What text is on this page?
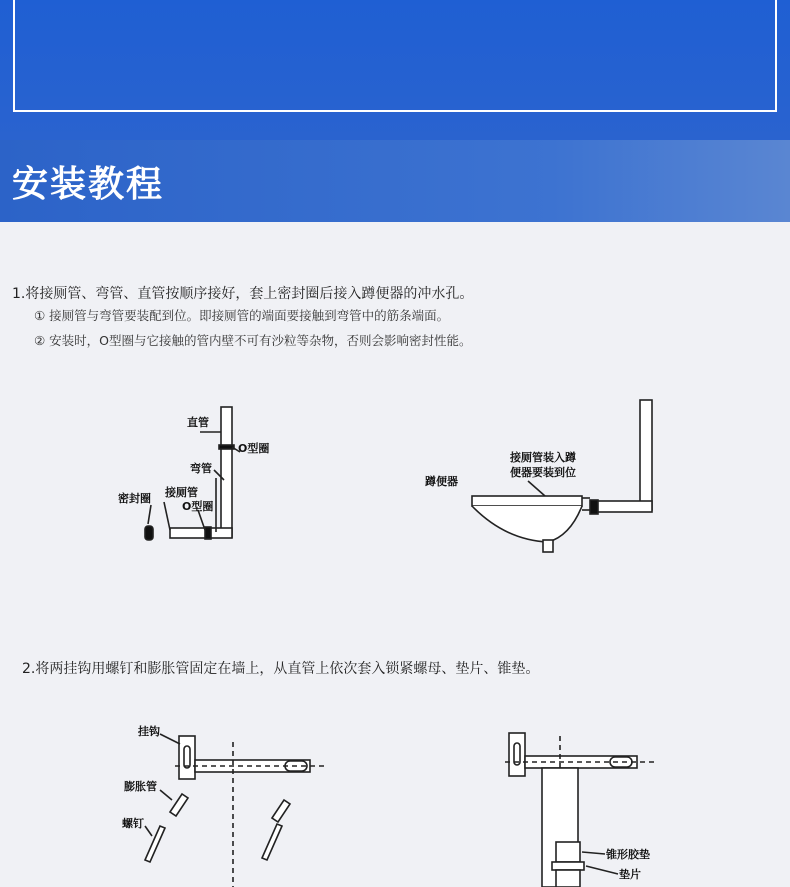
安装教程
1.将接厕管、弯管、直管按顺序接好，套上密封圈后接入蹲便器的冲水孔。
① 接厕管与弯管要装配到位。即接厕管的端面要接触到弯管中的筋条端面。
② 安装时，O型圈与它接触的管内壁不可有沙粒等杂物，否则会影响密封性能。
2.将两挂钩用螺钉和膨胀管固定在墙上，从直管上依次套入锁紧螺母、垫片、锥垫。
直管
O型圈
弯管
接厕管
O型圈
密封圈
蹲便器
接厕管装入蹲
便器要装到位
挂钩
膨胀管
螺钉
锥形胶垫
垫片
